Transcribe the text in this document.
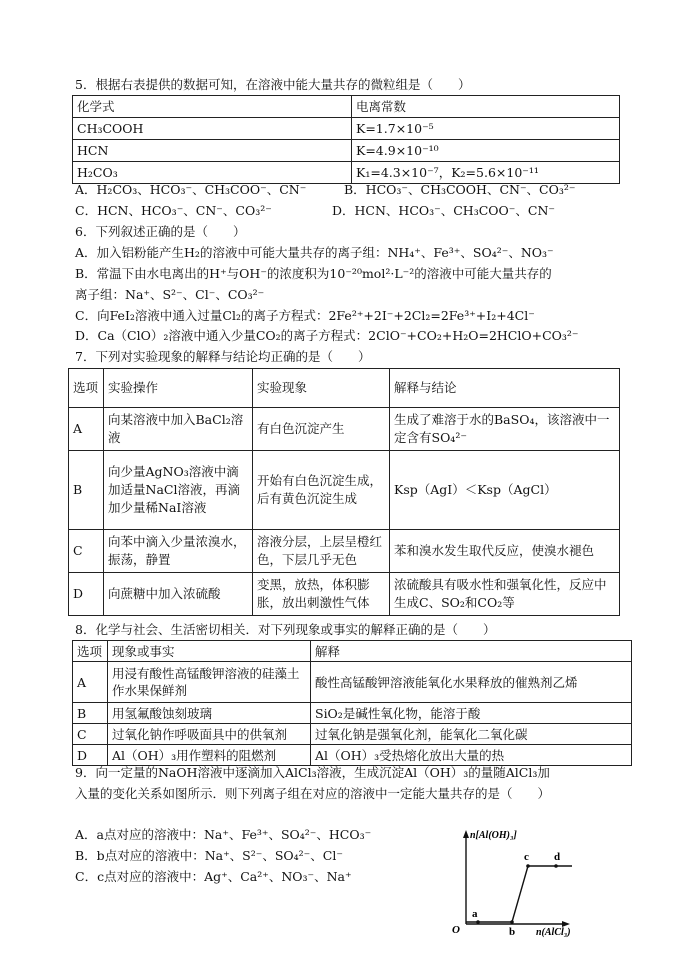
5．根据右表提供的数据可知，在溶液中能大量共存的微粒组是（　　）
化学式	电离常数
CH₃COOH	K=1.7×10⁻⁵
HCN	K=4.9×10⁻¹⁰
H₂CO₃	K₁=4.3×10⁻⁷，K₂=5.6×10⁻¹¹
A．H₂CO₃、HCO₃⁻、CH₃COO⁻、CN⁻	B．HCO₃⁻、CH₃COOH、CN⁻、CO₃²⁻
C．HCN、HCO₃⁻、CN⁻、CO₃²⁻	D．HCN、HCO₃⁻、CH₃COO⁻、CN⁻
6．下列叙述正确的是（　　）
A．加入铝粉能产生H₂的溶液中可能大量共存的离子组：NH₄⁺、Fe³⁺、SO₄²⁻、NO₃⁻
B．常温下由水电离出的H⁺与OH⁻的浓度积为10⁻²⁰mol²·L⁻²的溶液中可能大量共存的
离子组：Na⁺、S²⁻、Cl⁻、CO₃²⁻
C．向FeI₂溶液中通入过量Cl₂的离子方程式：2Fe²⁺+2I⁻+2Cl₂=2Fe³⁺+I₂+4Cl⁻
D．Ca（ClO）₂溶液中通入少量CO₂的离子方程式：2ClO⁻+CO₂+H₂O=2HClO+CO₃²⁻
7．下列对实验现象的解释与结论均正确的是（　　）
选项	实验操作	实验现象	解释与结论
A	向某溶液中加入BaCl₂溶液	有白色沉淀产生	生成了难溶于水的BaSO₄，该溶液中一定含有SO₄²⁻
B	向少量AgNO₃溶液中滴加适量NaCl溶液，再滴加少量稀NaI溶液	开始有白色沉淀生成，后有黄色沉淀生成	Ksp（AgI）＜Ksp（AgCl）
C	向苯中滴入少量浓溴水，振荡，静置	溶液分层，上层呈橙红色，下层几乎无色	苯和溴水发生取代反应，使溴水褪色
D	向蔗糖中加入浓硫酸	变黑，放热，体积膨胀，放出刺激性气体	浓硫酸具有吸水性和强氧化性，反应中生成C、SO₂和CO₂等
8．化学与社会、生活密切相关．对下列现象或事实的解释正确的是（　　）
选项	现象或事实	解释
A	用浸有酸性高锰酸钾溶液的硅藻土作水果保鲜剂	酸性高锰酸钾溶液能氧化水果释放的催熟剂乙烯
B	用氢氟酸蚀刻玻璃	SiO₂是碱性氧化物，能溶于酸
C	过氧化钠作呼吸面具中的供氧剂	过氧化钠是强氧化剂，能氧化二氧化碳
D	Al（OH）₃用作塑料的阻燃剂	Al（OH）₃受热熔化放出大量的热
9．向一定量的NaOH溶液中逐滴加入AlCl₃溶液，生成沉淀Al（OH）₃的量随AlCl₃加
入量的变化关系如图所示．则下列离子组在对应的溶液中一定能大量共存的是（　　）
A．a点对应的溶液中：Na⁺、Fe³⁺、SO₄²⁻、HCO₃⁻
B．b点对应的溶液中：Na⁺、S²⁻、SO₄²⁻、Cl⁻
C．c点对应的溶液中：Ag⁺、Ca²⁺、NO₃⁻、Na⁺
n[Al(OH)₃]
n(AlCl₃)
O
a
b
c d
